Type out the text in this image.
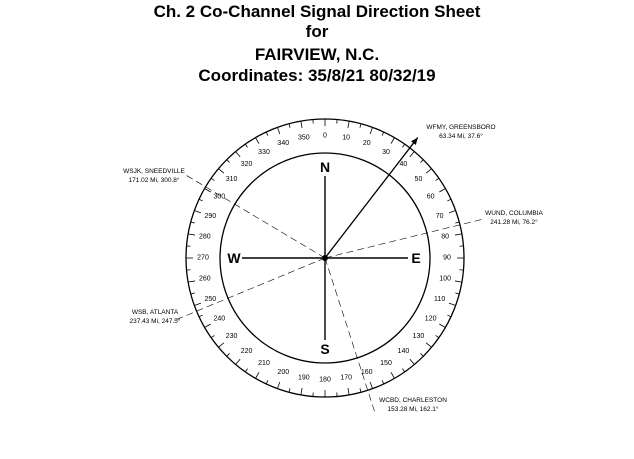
Ch. 2 Co-Channel Signal Direction Sheet
for
FAIRVIEW, N.C.
Coordinates: 35/8/21 80/32/19
0 10
20
30
40
50
60
70
80
90
100
110
120
130
140
150
160
170
180
190
200
210
220
230
240
250
260
270
280
290
300
310
320
330
340
350
N
E
S
W
WFMY, GREENSBORO
63.34 Mi, 37.6°
WUND, COLUMBIA
241.28 Mi, 76.2°
WCBD, CHARLESTON
153.28 Mi, 162.1°
WSB, ATLANTA
237.43 Mi, 247.5°
WSJK, SNEEDVILLE
171.02 Mi, 300.8°
